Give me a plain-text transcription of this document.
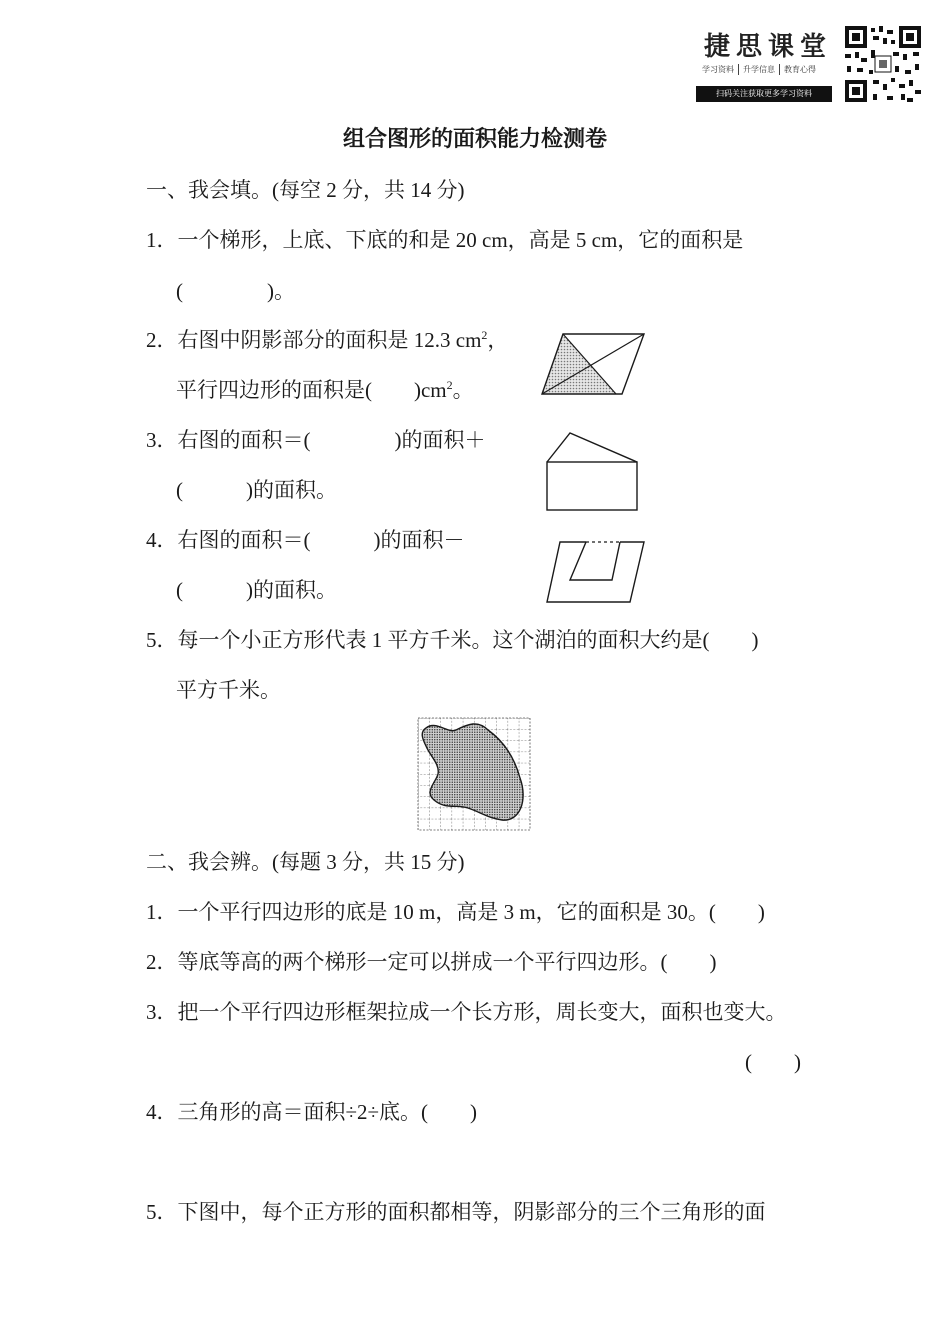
捷思课堂
学习资料	升学信息	教育心得
扫码关注获取更多学习资料
组合图形的面积能力检测卷
一、我会填。(每空 2 分，共 14 分)
1．一个梯形，上底、下底的和是 20 cm，高是 5 cm，它的面积是
(　　　　)。
2．右图中阴影部分的面积是 12.3 $cm^2$，
平行四边形的面积是(　　)$cm^2$。
3．右图的面积＝(　　　　)的面积＋
(　　　)的面积。
4．右图的面积＝(　　　)的面积－
(　　　)的面积。
5．每一个小正方形代表 1 平方千米。这个湖泊的面积大约是(　　)
平方千米。
二、我会辨。(每题 3 分，共 15 分)
1．一个平行四边形的底是 10 m，高是 3 m，它的面积是 30。(　　)
2．等底等高的两个梯形一定可以拼成一个平行四边形。(　　)
3．把一个平行四边形框架拉成一个长方形，周长变大，面积也变大。
(　　)
4．三角形的高＝面积÷2÷底。(　　)
5．下图中，每个正方形的面积都相等，阴影部分的三个三角形的面
